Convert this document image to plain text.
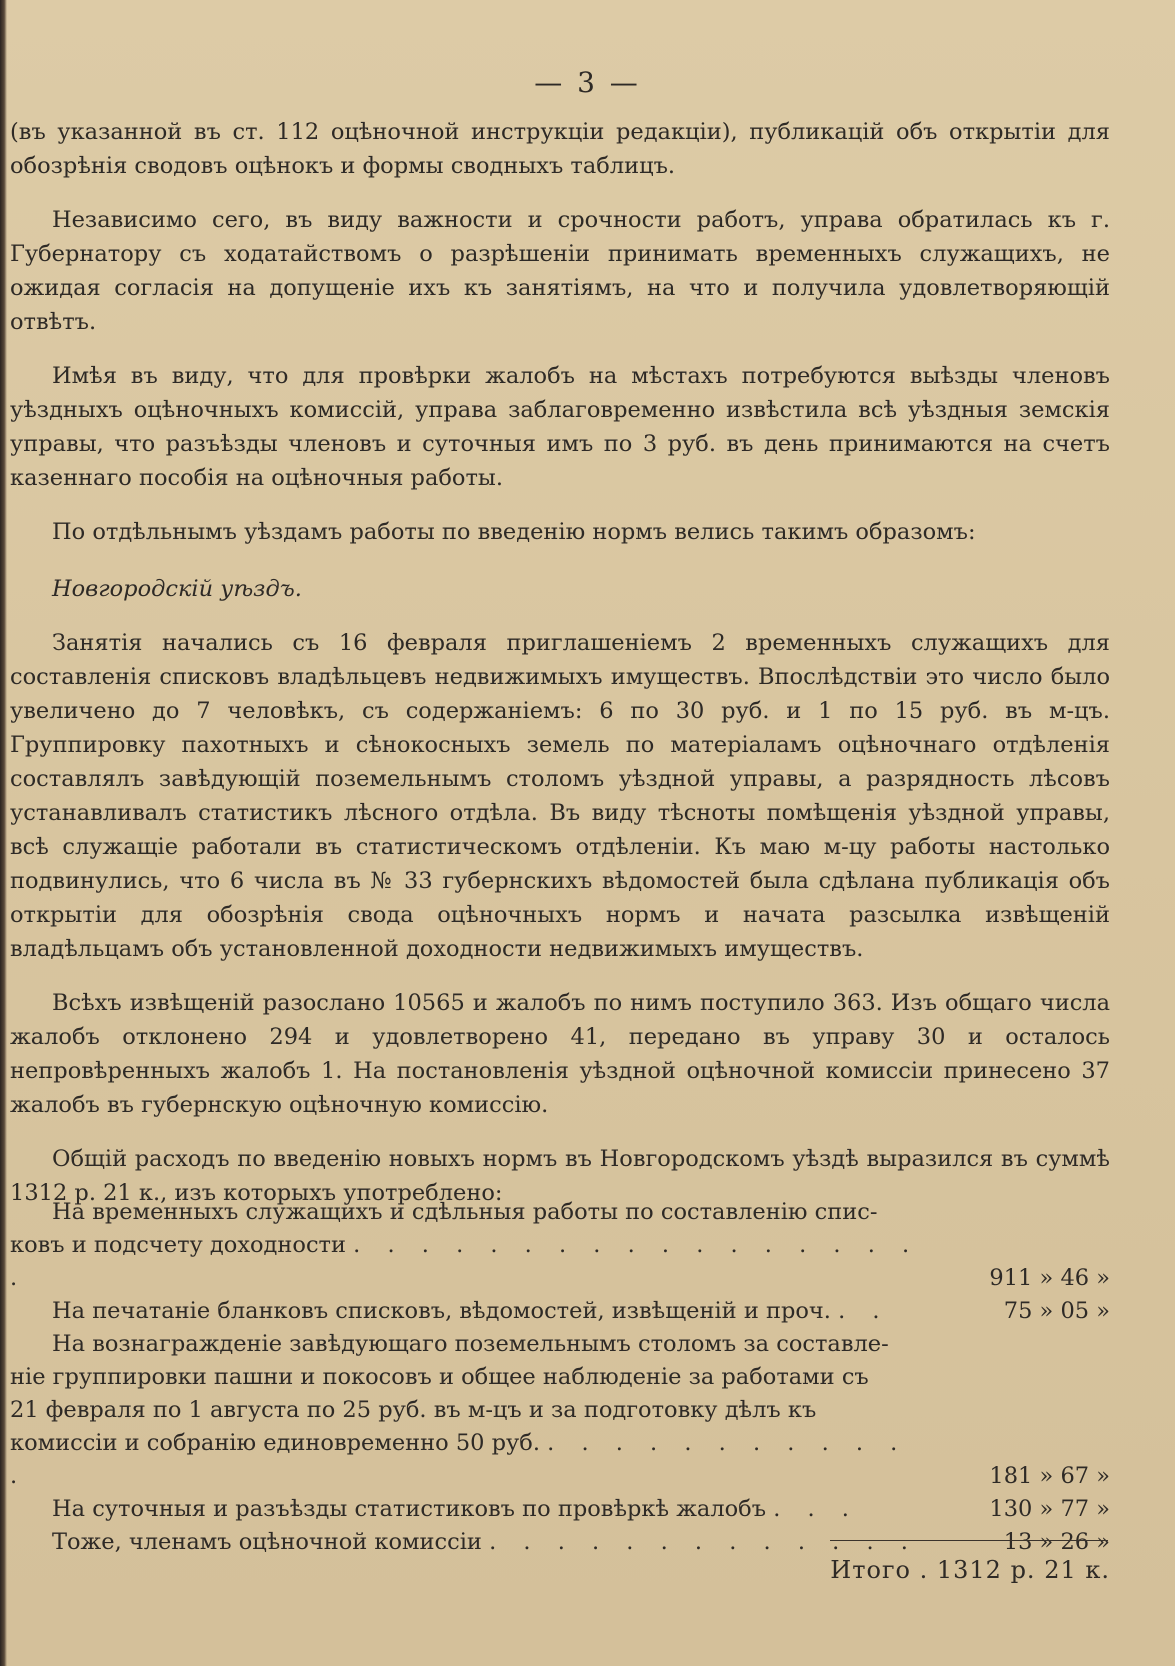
— 3 —

(въ указанной въ ст. 112 оцѣночной инструкціи редакціи), публикацій объ открытіи для обозрѣнія сводовъ оцѣнокъ и формы сводныхъ таблицъ.

Независимо сего, въ виду важности и срочности работъ, управа обратилась къ г. Губернатору съ ходатайствомъ о разрѣшеніи принимать временныхъ служащихъ, не ожидая согласія на допущеніе ихъ къ занятіямъ, на что и получила удовлетворяющій отвѣтъ.

Имѣя въ виду, что для провѣрки жалобъ на мѣстахъ потребуются выѣзды членовъ уѣздныхъ оцѣночныхъ комиссій, управа заблаговременно извѣстила всѣ уѣздныя земскія управы, что разъѣзды членовъ и суточныя имъ по 3 руб. въ день принимаются на счетъ казеннаго пособія на оцѣночныя работы.

По отдѣльнымъ уѣздамъ работы по введенію нормъ велись такимъ образомъ:

Новгородскій уѣздъ.

Занятія начались съ 16 февраля приглашеніемъ 2 временныхъ служащихъ для составленія списковъ владѣльцевъ недвижимыхъ имуществъ. Впослѣдствіи это число было увеличено до 7 человѣкъ, съ содержаніемъ: 6 по 30 руб. и 1 по 15 руб. въ м-цъ. Группировку пахотныхъ и сѣнокосныхъ земель по матеріаламъ оцѣночнаго отдѣленія составлялъ завѣдующій поземельнымъ столомъ уѣздной управы, а разрядность лѣсовъ устанавливалъ статистикъ лѣсного отдѣла. Въ виду тѣсноты помѣщенія уѣздной управы, всѣ служащіе работали въ статистическомъ отдѣленіи. Къ маю м-цу работы настолько подвинулись, что 6 числа въ № 33 губернскихъ вѣдомостей была сдѣлана публикація объ открытіи для обозрѣнія свода оцѣночныхъ нормъ и начата разсылка извѣщеній владѣльцамъ объ установленной доходности недвижимыхъ имуществъ.

Всѣхъ извѣщеній разослано 10565 и жалобъ по нимъ поступило 363. Изъ общаго числа жалобъ отклонено 294 и удовлетворено 41, передано въ управу 30 и осталось непровѣренныхъ жалобъ 1. На постановленія уѣздной оцѣночной комиссіи принесено 37 жалобъ въ губернскую оцѣночную комиссію.

Общій расходъ по введенію новыхъ нормъ въ Новгородскомъ уѣздѣ выразился въ суммѣ 1312 р. 21 к., изъ которыхъ употреблено:

На временныхъ служащихъ и сдѣльныя работы по составленію спис-
ковъ и подсчету доходности . . . . . . . . . . . . . . . . . .	911 » 46 »
На печатаніе бланковъ списковъ, вѣдомостей, извѣщеній и проч. . .	75 » 05 »
На вознагражденіе завѣдующаго поземельнымъ столомъ за составле-
ніе группировки пашни и покосовъ и общее наблюденіе за работами съ
21 февраля по 1 августа по 25 руб. въ м-цъ и за подготовку дѣлъ къ
комиссіи и собранію единовременно 50 руб. . . . . . . . . . . . .	181 » 67 »
На суточныя и разъѣзды статистиковъ по провѣркѣ жалобъ . . .	130 » 77 »
Тоже, членамъ оцѣночной комиссіи . . . . . . . . . . . . .	13 » 26 »
Итого . 1312 р. 21 к.
